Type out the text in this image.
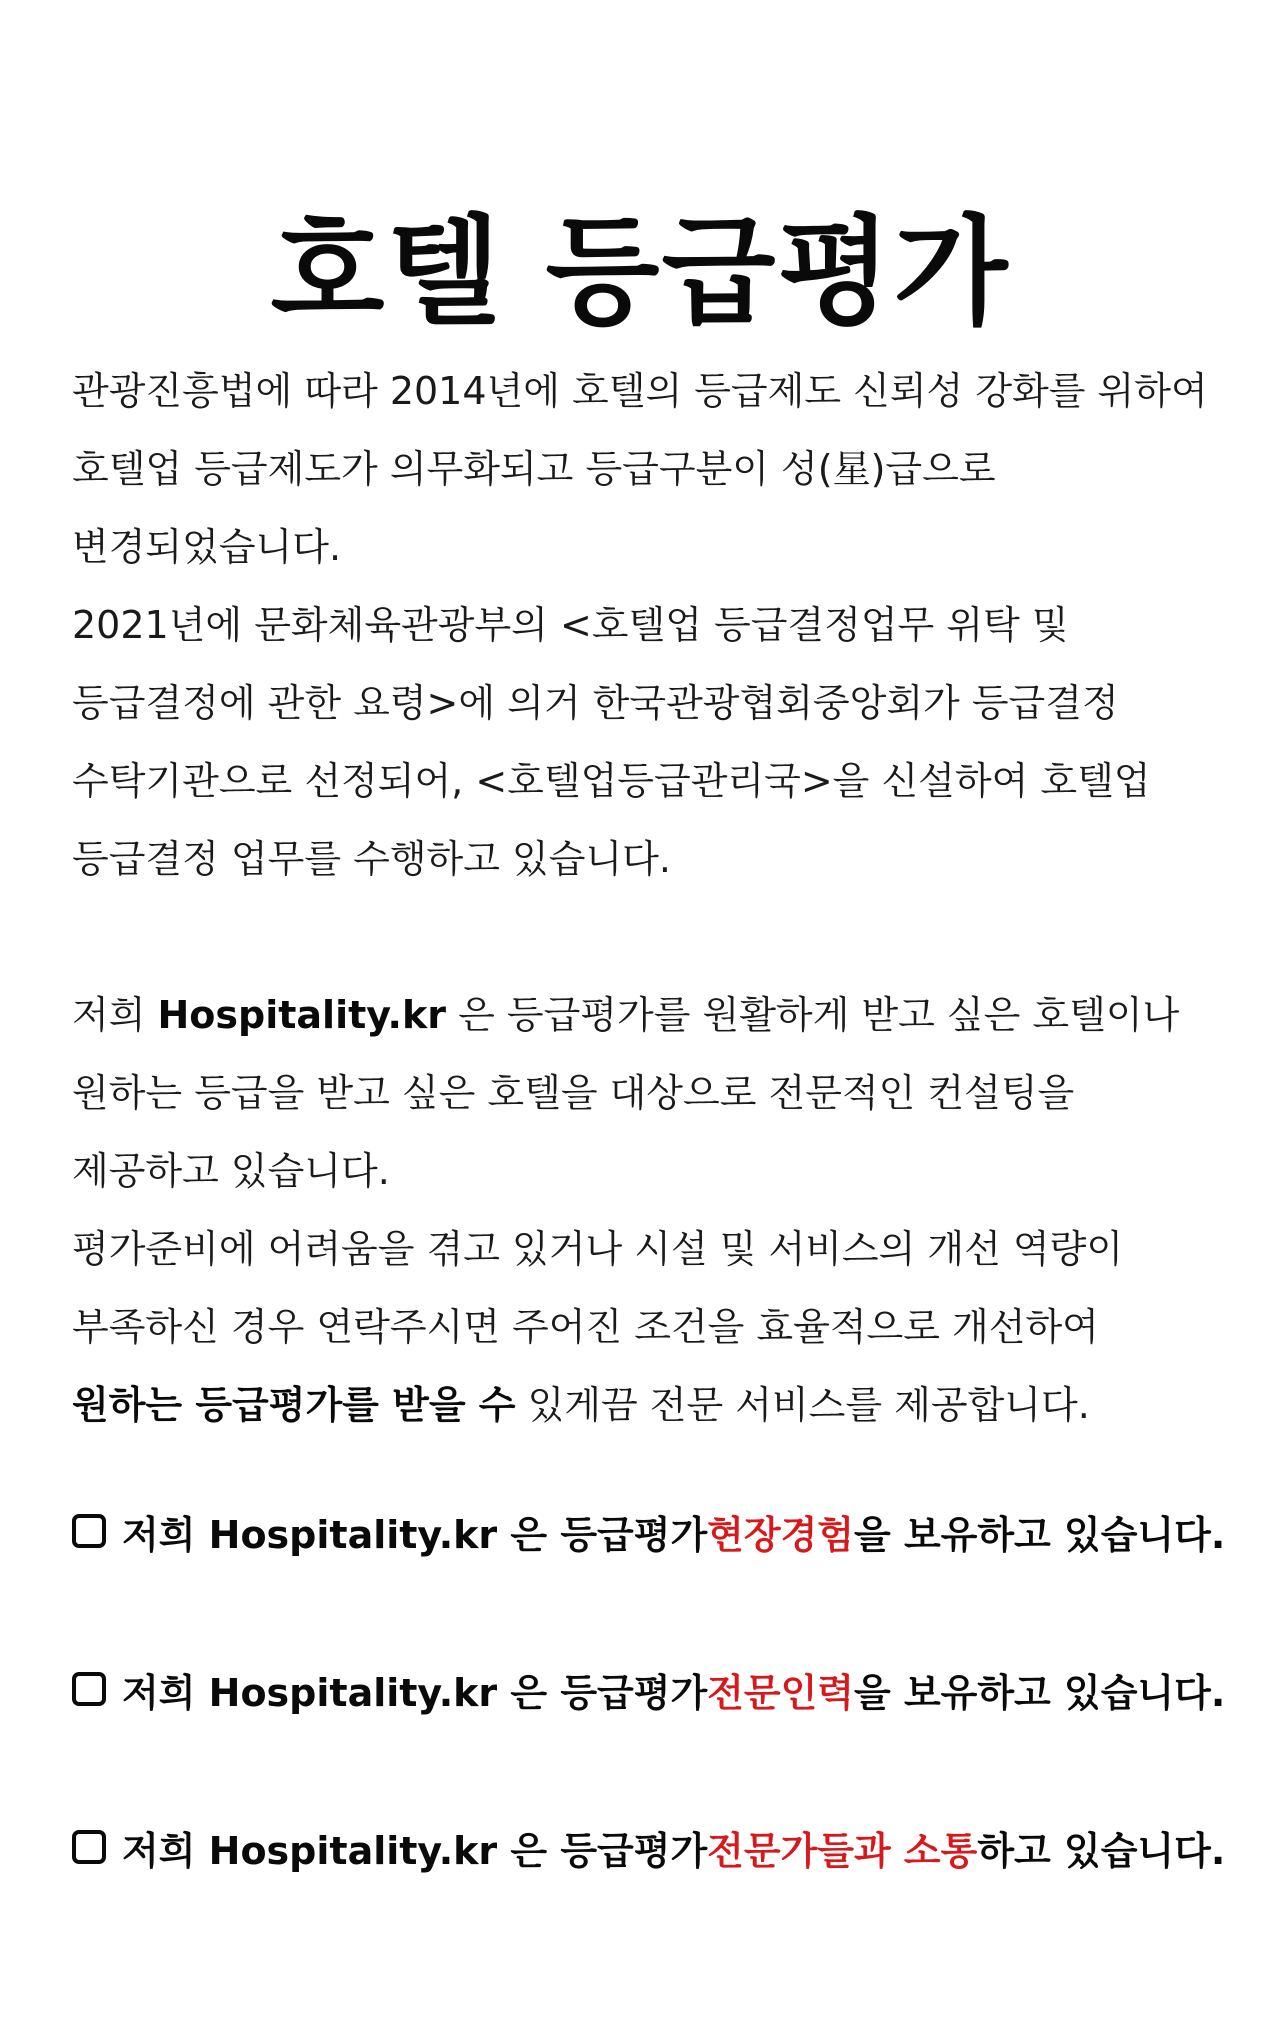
호텔 등급평가
관광진흥법에 따라 2014년에 호텔의 등급제도 신뢰성 강화를 위하여
호텔업 등급제도가 의무화되고 등급구분이 성(星)급으로
변경되었습니다.
2021년에 문화체육관광부의 <호텔업 등급결정업무 위탁 및
등급결정에 관한 요령>에 의거 한국관광협회중앙회가 등급결정
수탁기관으로 선정되어, <호텔업등급관리국>을 신설하여 호텔업
등급결정 업무를 수행하고 있습니다.
저희 Hospitality.kr 은 등급평가를 원활하게 받고 싶은 호텔이나
원하는 등급을 받고 싶은 호텔을 대상으로 전문적인 컨설팅을
제공하고 있습니다.
평가준비에 어려움을 겪고 있거나 시설 및 서비스의 개선 역량이
부족하신 경우 연락주시면 주어진 조건을 효율적으로 개선하여
원하는 등급평가를 받을 수 있게끔 전문 서비스를 제공합니다.
저희 Hospitality.kr 은 등급평가 현장경험 을 보유하고 있습니다.
저희 Hospitality.kr 은 등급평가 전문인력 을 보유하고 있습니다.
저희 Hospitality.kr 은 등급평가 전문가들과 소통 하고 있습니다.
